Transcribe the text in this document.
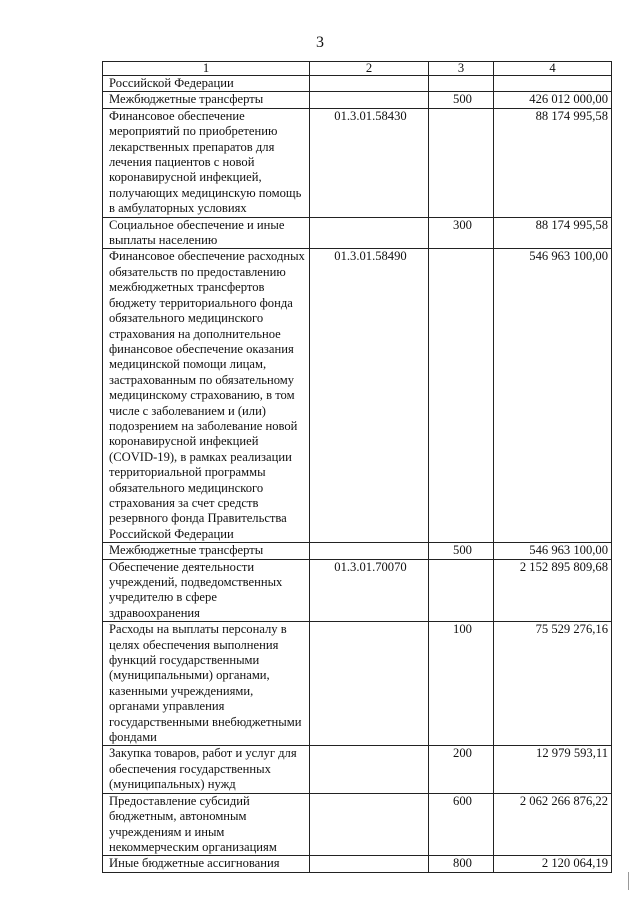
3
1	2	3	4
Российской Федерации			
Межбюджетные трансферты		500	426 012 000,00
Финансовое обеспечение мероприятий по приобретению лекарственных препаратов для лечения пациентов с новой коронавирусной инфекцией, получающих медицинскую помощь в амбулаторных условиях	01.3.01.58430		88 174 995,58
Социальное обеспечение и иные выплаты населению		300	88 174 995,58
Финансовое обеспечение расходных обязательств по предоставлению межбюджетных трансфертов бюджету территориального фонда обязательного медицинского страхования на дополнительное финансовое обеспечение оказания медицинской помощи лицам, застрахованным по обязательному медицинскому страхованию, в том числе с заболеванием и (или) подозрением на заболевание новой коронавирусной инфекцией (COVID-19), в рамках реализации территориальной программы обязательного медицинского страхования за счет средств резервного фонда Правительства Российской Федерации	01.3.01.58490		546 963 100,00
Межбюджетные трансферты		500	546 963 100,00
Обеспечение деятельности учреждений, подведомственных учредителю в сфере здравоохранения	01.3.01.70070		2 152 895 809,68
Расходы на выплаты персоналу в целях обеспечения выполнения функций государственными (муниципальными) органами, казенными учреждениями, органами управления государственными внебюджетными фондами		100	75 529 276,16
Закупка товаров, работ и услуг для обеспечения государственных (муниципальных) нужд		200	12 979 593,11
Предоставление субсидий бюджетным, автономным учреждениям и иным некоммерческим организациям		600	2 062 266 876,22
Иные бюджетные ассигнования		800	2 120 064,19
